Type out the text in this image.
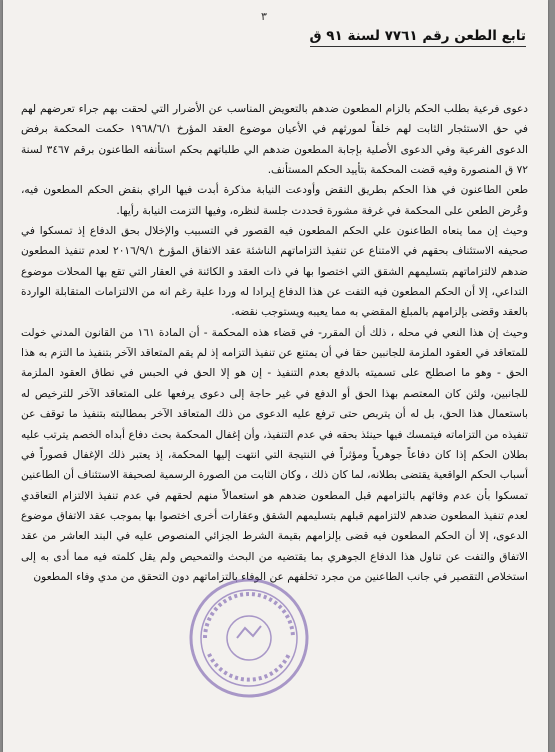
٣
تابع الطعن رقم ٧٧٦١ لسنة ٩١ ق

دعوى فرعية بطلب الحكم بالزام المطعون ضدهم بالتعويض المناسب عن الأضرار التي لحقت بهم جراء تعرضهم لهم في حق الاستئجار الثابت لهم خلفاً لمورثهم في الأعيان موضوع العقد المؤرخ ١٩٦٨/٦/١ حكمت المحكمة برفض الدعوى الفرعية وفي الدعوى الأصلية بإجابة المطعون ضدهم الي طلباتهم بحكم استأنفه الطاعنون برقم ٣٤٦٧ لسنة ٧٢ ق المنصورة وفيه قضت المحكمة بتأييد الحكم المستأنف.

طعن الطاعنون في هذا الحكم بطريق النقض وأودعت النيابة مذكرة أبدت فيها الراي بنقض الحكم المطعون فيه، وعُرض الطعن على المحكمة في غرفة مشورة فحددت جلسة لنظره، وفيها التزمت النيابة رأيها.

وحيث إن مما ينعاه الطاعنون علي الحكم المطعون فيه القصور في التسبيب والإخلال بحق الدفاع إذ تمسكوا في صحيفه الاستئناف بحقهم في الامتناع عن تنفيذ التزاماتهم الناشئة عقد الاتفاق المؤرخ ٢٠١٦/٩/١ لعدم تنفيذ المطعون ضدهم لالتزاماتهم بتسليمهم الشقق التي اختصوا بها في ذات العقد و الكائنة في العقار التي تقع بها المحلات موضوع التداعي، إلا أن الحكم المطعون فيه التفت عن هذا الدفاع إيرادا له وردا علية رغم انه من الالتزامات المتقابلة الواردة بالعقد وقضى بإلزامهم بالمبلغ المقضي به مما يعيبه ويستوجب نقضه.

وحيث إن هذا النعي في محله ، ذلك أن المقرر- في قضاء هذه المحكمة - أن المادة ١٦١ من القانون المدني خولت للمتعاقد في العقود الملزمة للجانبين حقا في أن يمتنع عن تنفيذ التزامه إذ لم يقم المتعاقد الآخر بتنفيذ ما التزم به هذا الحق - وهو ما اصطلح على تسميته بالدفع بعدم التنفيذ - إن هو إلا الحق في الحبس في نطاق العقود الملزمة للجانبين، ولئن كان المعتصم بهذا الحق أو الدفع في غير حاجة إلى دعوى يرفعها على المتعاقد الآخر للترخيص له باستعمال هذا الحق، بل له أن يتربص حتى ترفع عليه الدعوى من ذلك المتعاقد الآخر بمطالبته بتنفيذ ما توقف عن تنفيذه من التزاماته فيتمسك فيها حينئذ بحقه في عدم التنفيذ، وأن إغفال المحكمة بحث دفاع أبداه الخصم يترتب عليه بطلان الحكم إذا كان دفاعاً جوهرياً ومؤثراً في النتيجة التي انتهت إليها المحكمة، إذ يعتبر ذلك الإغفال قصوراً في أسباب الحكم الواقعية يقتضى بطلانه، لما كان ذلك ، وكان الثابت من الصورة الرسمية لصحيفة الاستئناف أن الطاعنين تمسكوا بأن عدم وفائهم بالتزامهم قبل المطعون ضدهم هو استعمالاً منهم لحقهم في عدم تنفيذ الالتزام التعاقدي لعدم تنفيذ المطعون ضدهم لالتزامهم قبلهم بتسليمهم الشقق وعقارات أخرى اختصوا بها بموجب عقد الاتفاق موضوع الدعوى، إلا أن الحكم المطعون فيه قضى بإلزامهم بقيمة الشرط الجزائي المنصوص عليه في البند العاشر من عقد الاتفاق والتفت عن تناول هذا الدفاع الجوهري بما يقتضيه من البحث والتمحيص ولم يقل كلمته فيه مما أدى به إلى استخلاص التقصير في جانب الطاعنين من مجرد تخلفهم عن الوفاء بالتزاماتهم دون التحقق من مدي وفاء المطعون
